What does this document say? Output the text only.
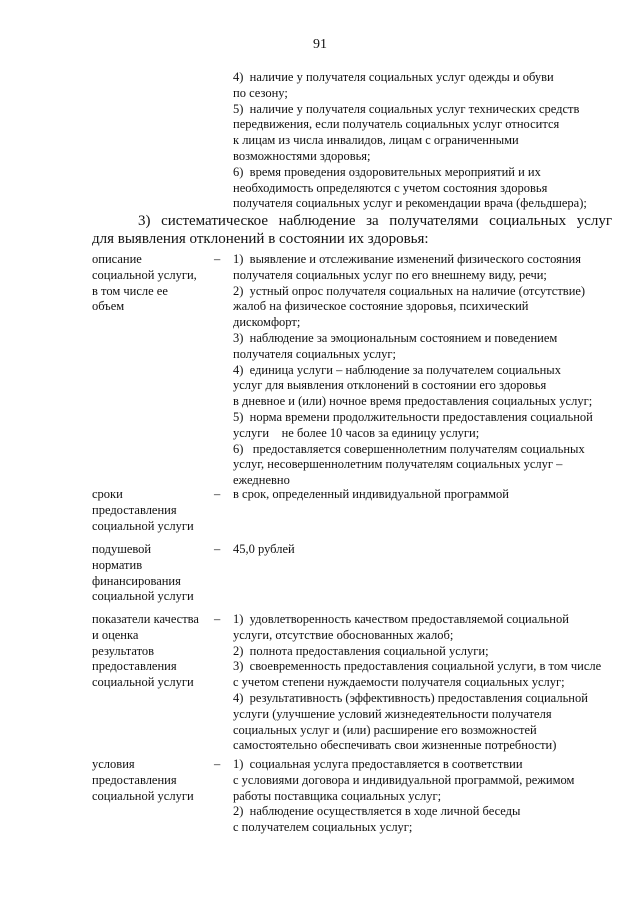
91
4)  наличие у получателя социальных услуг одежды и обуви
по сезону;
5)  наличие у получателя социальных услуг технических средств
передвижения, если получатель социальных услуг относится
к лицам из числа инвалидов, лицам с ограниченными
возможностями здоровья;
6)  время проведения оздоровительных мероприятий и их
необходимость определяются с учетом состояния здоровья
получателя социальных услуг и рекомендации врача (фельдшера);
3) систематическое наблюдение за получателями социальных услуг
для выявления отклонений в состоянии их здоровья:
описание
социальной услуги,
в том числе ее
объем
– 1)  выявление и отслеживание изменений физического состояния
получателя социальных услуг по его внешнему виду, речи;
2)  устный опрос получателя социальных на наличие (отсутствие)
жалоб на физическое состояние здоровья, психический
дискомфорт;
3)  наблюдение за эмоциональным состоянием и поведением
получателя социальных услуг;
4)  единица услуги – наблюдение за получателем социальных
услуг для выявления отклонений в состоянии его здоровья
в дневное и (или) ночное время предоставления социальных услуг;
5)  норма времени продолжительности предоставления социальной
услуги    не более 10 часов за единицу услуги;
6)   предоставляется совершеннолетним получателям социальных
услуг, несовершеннолетним получателям социальных услуг –
ежедневно
сроки
предоставления
социальной услуги
– в срок, определенный индивидуальной программой
подушевой
норматив
финансирования
социальной услуги
– 45,0 рублей
показатели качества
и оценка
результатов
предоставления
социальной услуги
– 1)  удовлетворенность качеством предоставляемой социальной
услуги, отсутствие обоснованных жалоб;
2)  полнота предоставления социальной услуги;
3)  своевременность предоставления социальной услуги, в том числе
с учетом степени нуждаемости получателя социальных услуг;
4)  результативность (эффективность) предоставления социальной
услуги (улучшение условий жизнедеятельности получателя
социальных услуг и (или) расширение его возможностей
самостоятельно обеспечивать свои жизненные потребности)
условия
предоставления
социальной услуги
– 1)  социальная услуга предоставляется в соответствии
с условиями договора и индивидуальной программой, режимом
работы поставщика социальных услуг;
2)  наблюдение осуществляется в ходе личной беседы
с получателем социальных услуг;
